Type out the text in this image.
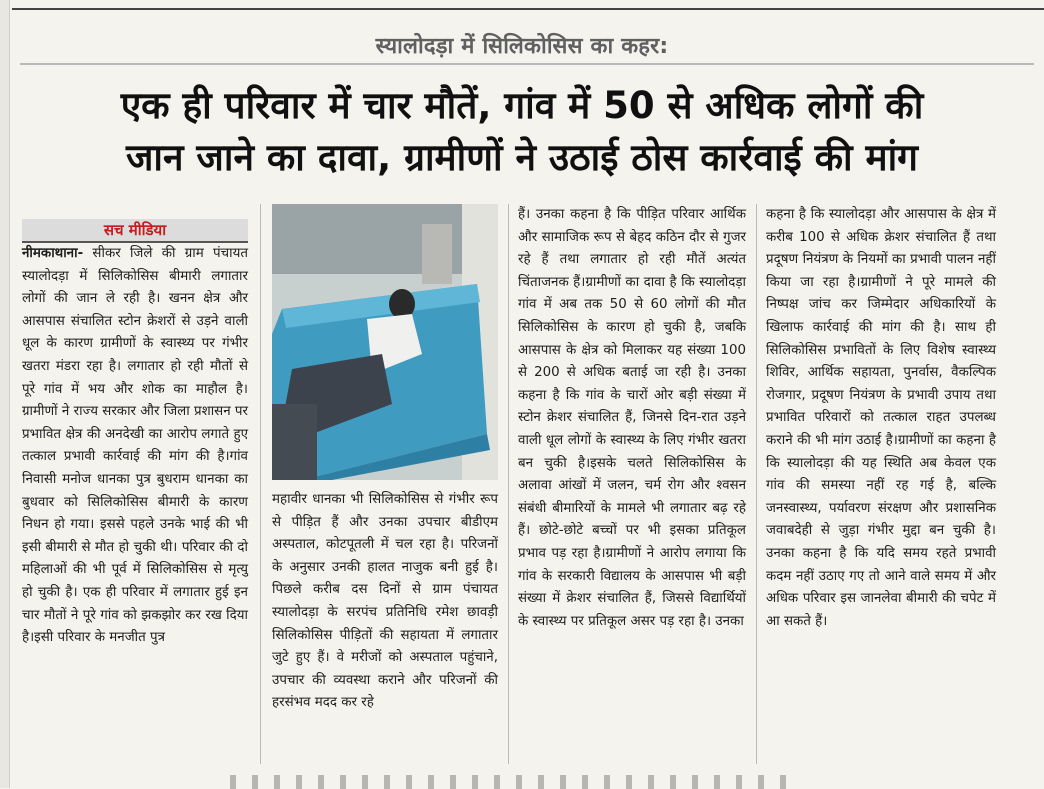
स्यालोदड़ा में सिलिकोसिस का कहर:
एक ही परिवार में चार मौतें, गांव में 50 से अधिक लोगों की
जान जाने का दावा, ग्रामीणों ने उठाई ठोस कार्रवाई की मांग
सच मीडिया
नीमकाथाना- सीकर जिले की ग्राम पंचायत स्यालोदड़ा में सिलिकोसिस बीमारी लगातार लोगों की जान ले रही है। खनन क्षेत्र और आसपास संचालित स्टोन क्रेशरों से उड़ने वाली धूल के कारण ग्रामीणों के स्वास्थ्य पर गंभीर खतरा मंडरा रहा है। लगातार हो रही मौतों से पूरे गांव में भय और शोक का माहौल है। ग्रामीणों ने राज्य सरकार और जिला प्रशासन पर प्रभावित क्षेत्र की अनदेखी का आरोप लगाते हुए तत्काल प्रभावी कार्रवाई की मांग की है।गांव निवासी मनोज धानका पुत्र बुधराम धानका का बुधवार को सिलिकोसिस बीमारी के कारण निधन हो गया। इससे पहले उनके भाई की भी इसी बीमारी से मौत हो चुकी थी। परिवार की दो महिलाओं की भी पूर्व में सिलिकोसिस से मृत्यु हो चुकी है। एक ही परिवार में लगातार हुई इन चार मौतों ने पूरे गांव को झकझोर कर रख दिया है।इसी परिवार के मनजीत पुत्र
महावीर धानका भी सिलिकोसिस से गंभीर रूप से पीड़ित हैं और उनका उपचार बीडीएम अस्पताल, कोटपूतली में चल रहा है। परिजनों के अनुसार उनकी हालत नाजुक बनी हुई है।पिछले करीब दस दिनों से ग्राम पंचायत स्यालोदड़ा के सरपंच प्रतिनिधि रमेश छावड़ी सिलिकोसिस पीड़ितों की सहायता में लगातार जुटे हुए हैं। वे मरीजों को अस्पताल पहुंचाने, उपचार की व्यवस्था कराने और परिजनों की हरसंभव मदद कर रहे
हैं। उनका कहना है कि पीड़ित परिवार आर्थिक और सामाजिक रूप से बेहद कठिन दौर से गुजर रहे हैं तथा लगातार हो रही मौतें अत्यंत चिंताजनक हैं।ग्रामीणों का दावा है कि स्यालोदड़ा गांव में अब तक 50 से 60 लोगों की मौत सिलिकोसिस के कारण हो चुकी है, जबकि आसपास के क्षेत्र को मिलाकर यह संख्या 100 से 200 से अधिक बताई जा रही है। उनका कहना है कि गांव के चारों ओर बड़ी संख्या में स्टोन क्रेशर संचालित हैं, जिनसे दिन-रात उड़ने वाली धूल लोगों के स्वास्थ्य के लिए गंभीर खतरा बन चुकी है।इसके चलते सिलिकोसिस के अलावा आंखों में जलन, चर्म रोग और श्वसन संबंधी बीमारियों के मामले भी लगातार बढ़ रहे हैं। छोटे-छोटे बच्चों पर भी इसका प्रतिकूल प्रभाव पड़ रहा है।ग्रामीणों ने आरोप लगाया कि गांव के सरकारी विद्यालय के आसपास भी बड़ी संख्या में क्रेशर संचालित हैं, जिससे विद्यार्थियों के स्वास्थ्य पर प्रतिकूल असर पड़ रहा है। उनका
कहना है कि स्यालोदड़ा और आसपास के क्षेत्र में करीब 100 से अधिक क्रेशर संचालित हैं तथा प्रदूषण नियंत्रण के नियमों का प्रभावी पालन नहीं किया जा रहा है।ग्रामीणों ने पूरे मामले की निष्पक्ष जांच कर जिम्मेदार अधिकारियों के खिलाफ कार्रवाई की मांग की है। साथ ही सिलिकोसिस प्रभावितों के लिए विशेष स्वास्थ्य शिविर, आर्थिक सहायता, पुनर्वास, वैकल्पिक रोजगार, प्रदूषण नियंत्रण के प्रभावी उपाय तथा प्रभावित परिवारों को तत्काल राहत उपलब्ध कराने की भी मांग उठाई है।ग्रामीणों का कहना है कि स्यालोदड़ा की यह स्थिति अब केवल एक गांव की समस्या नहीं रह गई है, बल्कि जनस्वास्थ्य, पर्यावरण संरक्षण और प्रशासनिक जवाबदेही से जुड़ा गंभीर मुद्दा बन चुकी है। उनका कहना है कि यदि समय रहते प्रभावी कदम नहीं उठाए गए तो आने वाले समय में और अधिक परिवार इस जानलेवा बीमारी की चपेट में आ सकते हैं।
